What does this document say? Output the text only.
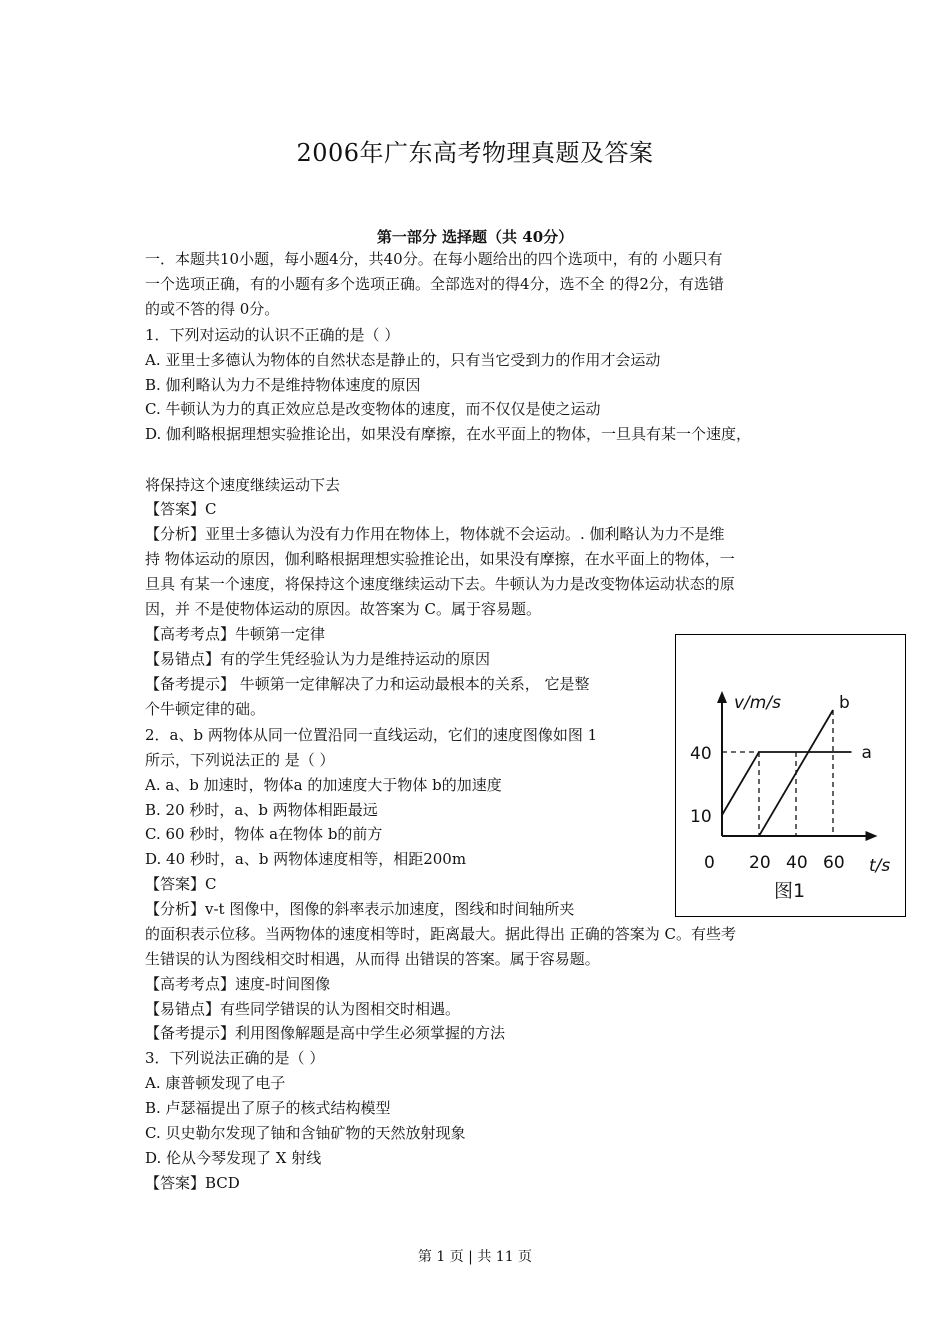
2006年广东高考物理真题及答案
第一部分 选择题（共 40分）
一．本题共10小题，每小题4分，共40分。在每小题给出的四个选项中，有的 小题只有
一个选项正确，有的小题有多个选项正确。全部选对的得4分，选不全 的得2分，有选错
的或不答的得 0分。
1．下列对运动的认识不正确的是（ ）
A. 亚里士多德认为物体的自然状态是静止的，只有当它受到力的作用才会运动
B. 伽利略认为力不是维持物体速度的原因
C. 牛顿认为力的真正效应总是改变物体的速度，而不仅仅是使之运动
D. 伽利略根据理想实验推论出，如果没有摩擦，在水平面上的物体，一旦具有某一个速度，
将保持这个速度继续运动下去
【答案】C
【分析】亚里士多德认为没有力作用在物体上，物体就不会运动。. 伽利略认为力不是维
持 物体运动的原因，伽利略根据理想实验推论出，如果没有摩擦，在水平面上的物体，一
旦具 有某一个速度，将保持这个速度继续运动下去。牛顿认为力是改变物体运动状态的原
因，并 不是使物体运动的原因。故答案为 C。属于容易题。
【高考考点】牛顿第一定律
【易错点】有的学生凭经验认为力是维持运动的原因
【备考提示】 牛顿第一定律解决了力和运动最根本的关系， 它是整
个牛顿定律的础。
2．a、b 两物体从同一位置沿同一直线运动，它们的速度图像如图 1
所示，下列说法正的 是（ ）
A. a、b 加速时，物体a 的加速度大于物体 b的加速度
B. 20 秒时，a、b 两物体相距最远
C. 60 秒时，物体 a在物体 b的前方
D. 40 秒时，a、b 两物体速度相等，相距200m
【答案】C
【分析】v-t 图像中，图像的斜率表示加速度，图线和时间轴所夹
的面积表示位移。当两物体的速度相等时，距离最大。据此得出 正确的答案为 C。有些考
生错误的认为图线相交时相遇，从而得 出错误的答案。属于容易题。
【高考考点】速度-时间图像
【易错点】有些同学错误的认为图相交时相遇。
【备考提示】利用图像解题是高中学生必须掌握的方法
3．下列说法正确的是（ ）
A. 康普顿发现了电子
B. 卢瑟福提出了原子的核式结构模型
C. 贝史勒尔发现了铀和含铀矿物的天然放射现象
D. 伦从今琴发现了 X 射线
【答案】BCD
a
b
0 20 40 60
10
40
v/m/s
t/s
图1
第 1 页 | 共 11 页
